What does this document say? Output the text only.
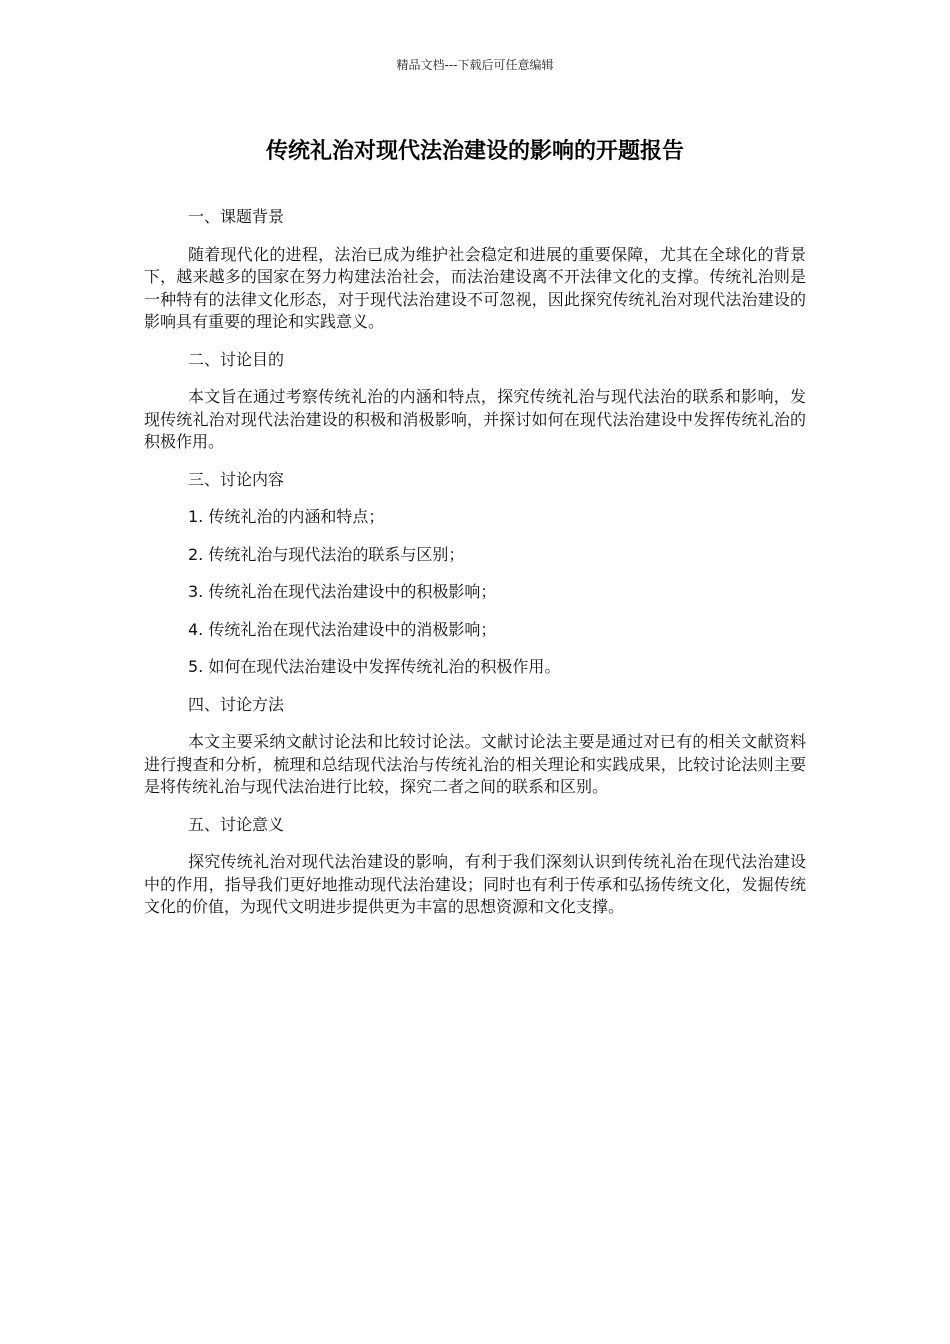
精品文档---下载后可任意编辑
传统礼治对现代法治建设的影响的开题报告

一、课题背景

随着现代化的进程，法治已成为维护社会稳定和进展的重要保障，尤其在全球化的背景下，越来越多的国家在努力构建法治社会，而法治建设离不开法律文化的支撑。传统礼治则是一种特有的法律文化形态，对于现代法治建设不可忽视，因此探究传统礼治对现代法治建设的影响具有重要的理论和实践意义。

二、讨论目的

本文旨在通过考察传统礼治的内涵和特点，探究传统礼治与现代法治的联系和影响，发现传统礼治对现代法治建设的积极和消极影响，并探讨如何在现代法治建设中发挥传统礼治的积极作用。

三、讨论内容

1. 传统礼治的内涵和特点；
2. 传统礼治与现代法治的联系与区别；
3. 传统礼治在现代法治建设中的积极影响；
4. 传统礼治在现代法治建设中的消极影响；
5. 如何在现代法治建设中发挥传统礼治的积极作用。

四、讨论方法

本文主要采纳文献讨论法和比较讨论法。文献讨论法主要是通过对已有的相关文献资料进行搜查和分析，梳理和总结现代法治与传统礼治的相关理论和实践成果，比较讨论法则主要是将传统礼治与现代法治进行比较，探究二者之间的联系和区别。

五、讨论意义

探究传统礼治对现代法治建设的影响，有利于我们深刻认识到传统礼治在现代法治建设中的作用，指导我们更好地推动现代法治建设；同时也有利于传承和弘扬传统文化，发掘传统文化的价值，为现代文明进步提供更为丰富的思想资源和文化支撑。
